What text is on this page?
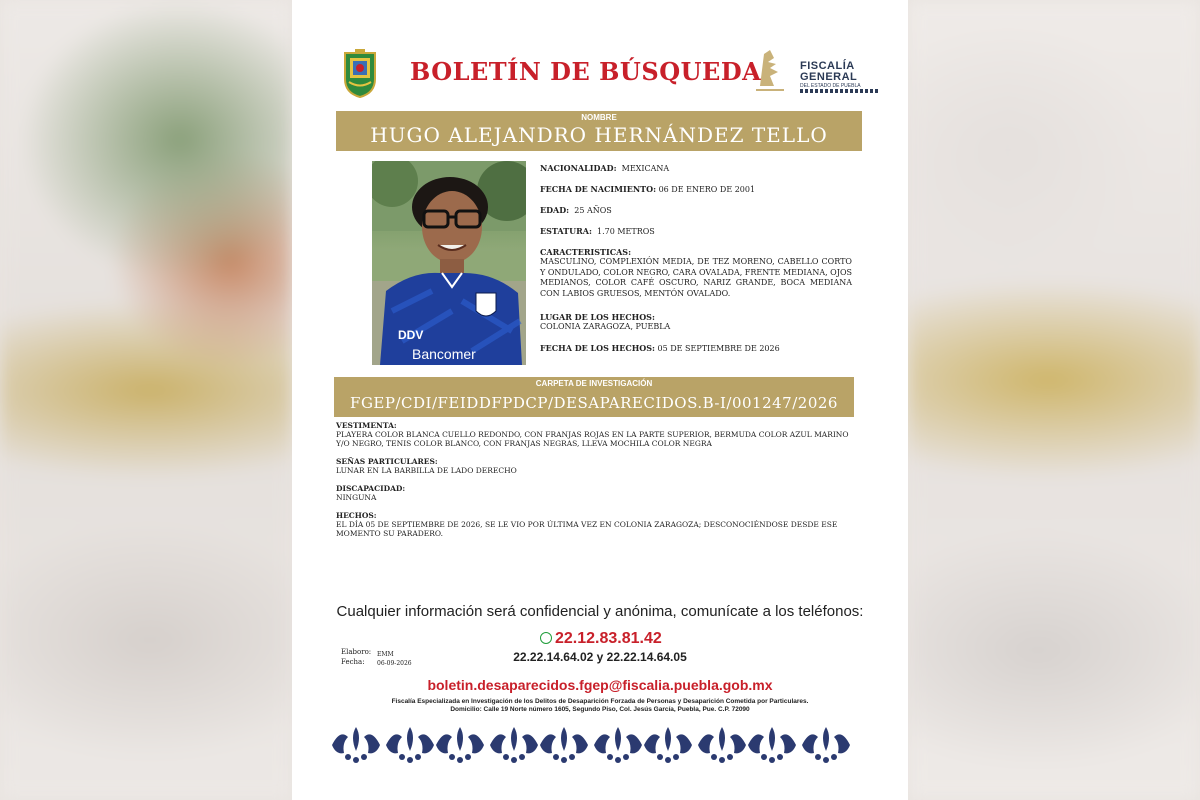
BOLETÍN DE BÚSQUEDA	FISCALÍA
GENERAL
DEL ESTADO DE PUEBLA
NOMBRE
HUGO ALEJANDRO HERNÁNDEZ TELLO
DDV
Bancomer
NACIONALIDAD: MEXICANA
FECHA DE NACIMIENTO: 06 DE ENERO DE 2001
EDAD: 25 AÑOS
ESTATURA: 1.70 METROS
CARACTERISTICAS:
MASCULINO, COMPLEXIÓN MEDIA, DE TEZ MORENO, CABELLO CORTO Y ONDULADO, COLOR NEGRO, CARA OVALADA, FRENTE MEDIANA, OJOS MEDIANOS, COLOR CAFÉ OSCURO, NARIZ GRANDE, BOCA MEDIANA CON LABIOS GRUESOS, MENTÓN OVALADO.
LUGAR DE LOS HECHOS:
COLONIA ZARAGOZA, PUEBLA
FECHA DE LOS HECHOS: 05 DE SEPTIEMBRE DE 2026
CARPETA DE INVESTIGACIÓN
FGEP/CDI/FEIDDFPDCP/DESAPARECIDOS.B-I/001247/2026
VESTIMENTA:
PLAYERA COLOR BLANCA CUELLO REDONDO, CON FRANJAS ROJAS EN LA PARTE SUPERIOR, BERMUDA COLOR AZUL MARINO Y/O NEGRO, TENIS COLOR BLANCO, CON FRANJAS NEGRAS, LLEVA MOCHILA COLOR NEGRA
SEÑAS PARTICULARES:
LUNAR EN LA BARBILLA DE LADO DERECHO
DISCAPACIDAD:
NINGUNA
HECHOS:
EL DÍA 05 DE SEPTIEMBRE DE 2026, SE LE VIO POR ÚLTIMA VEZ EN COLONIA ZARAGOZA; DESCONOCIÉNDOSE DESDE ESE MOMENTO SU PARADERO.
Cualquier información será confidencial y anónima, comunícate a los teléfonos:
Elaboro:
Fecha:
EMM
06-09-2026
22.12.83.81.42
22.22.14.64.02 y 22.22.14.64.05
boletin.desaparecidos.fgep@fiscalia.puebla.gob.mx
Fiscalía Especializada en Investigación de los Delitos de Desaparición Forzada de Personas y Desaparición Cometida por Particulares.
Domicilio: Calle 19 Norte número 1605, Segundo Piso, Col. Jesús García, Puebla, Pue. C.P. 72090
